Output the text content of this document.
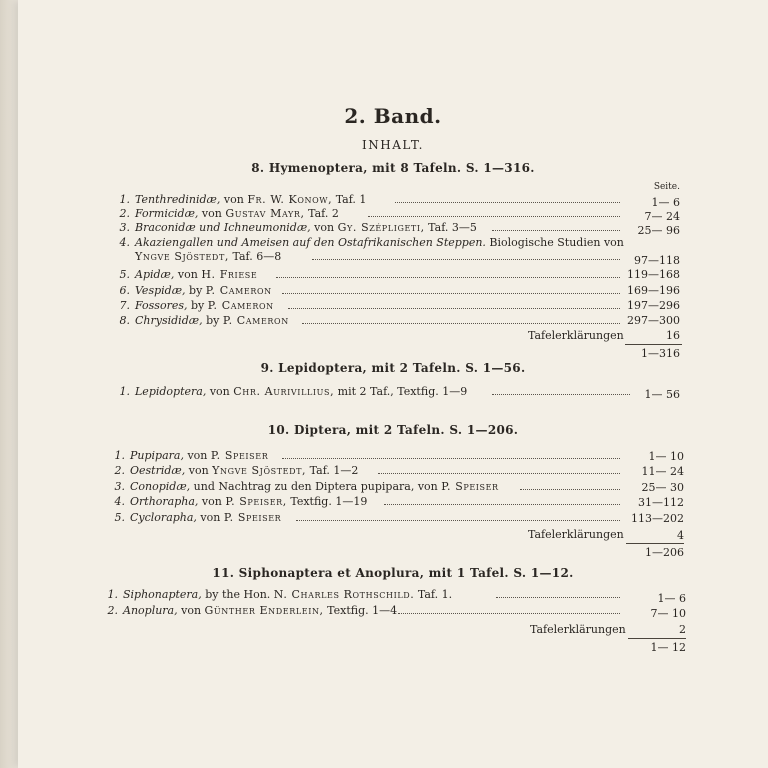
2. Band.
INHALT.
Seite.
8. Hymenoptera, mit 8 Tafeln. S. 1—316.
1. Tenthredinidæ, von Fr. W. Konow, Taf. 1	1— 6
2. Formicidæ, von Gustav Mayr, Taf. 2	7— 24
3. Braconidæ und Ichneumonidæ, von Gy. Szépligeti, Taf. 3—5	25— 96
4. Akaziengallen und Ameisen auf den Ostafrikanischen Steppen. Biologische Studien von
Yngve Sjöstedt, Taf. 6—8	97—118
5. Apidæ, von H. Friese	119—168
6. Vespidæ, by P. Cameron	169—196
7. Fossores, by P. Cameron	197—296
8. Chrysididæ, by P. Cameron	297—300
Tafelerklärungen	16
1—316
9. Lepidoptera, mit 2 Tafeln. S. 1—56.
1. Lepidoptera, von Chr. Aurivillius, mit 2 Taf., Textfig. 1—9	1— 56
10. Diptera, mit 2 Tafeln. S. 1—206.
1. Pupipara, von P. Speiser	1— 10
2. Oestridæ, von Yngve Sjöstedt, Taf. 1—2	11— 24
3. Conopidæ, und Nachtrag zu den Diptera pupipara, von P. Speiser	25— 30
4. Orthorapha, von P. Speiser, Textfig. 1—19	31—112
5. Cyclorapha, von P. Speiser	113—202
Tafelerklärungen	4
1—206
11. Siphonaptera et Anoplura, mit 1 Tafel. S. 1—12.
1. Siphonaptera, by the Hon. N. Charles Rothschild. Taf. 1.	1— 6
2. Anoplura, von Günther Enderlein, Textfig. 1—4	7— 10
Tafelerklärungen	2
1— 12
